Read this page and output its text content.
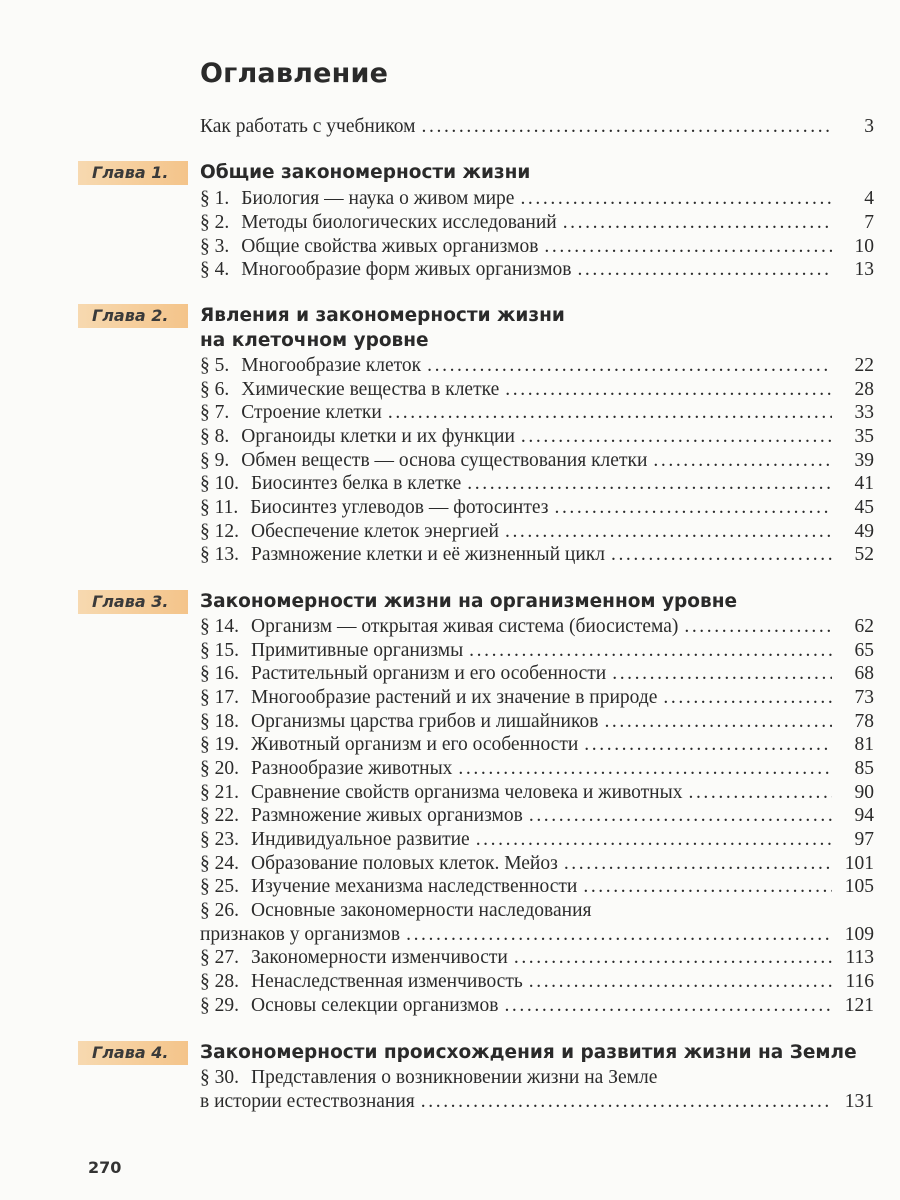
Оглавление
Как работать с учебником .....	3
Глава 1.	Общие закономерности жизни
§ 1. Биология — наука о живом мире .....	4
§ 2. Методы биологических исследований .....	7
§ 3. Общие свойства живых организмов .....	10
§ 4. Многообразие форм живых организмов .....	13
Глава 2.	Явления и закономерности жизни
на клеточном уровне
§ 5. Многообразие клеток .....	22
§ 6. Химические вещества в клетке .....	28
§ 7. Строение клетки .....	33
§ 8. Органоиды клетки и их функции .....	35
§ 9. Обмен веществ — основа существования клетки .....	39
§ 10. Биосинтез белка в клетке .....	41
§ 11. Биосинтез углеводов — фотосинтез .....	45
§ 12. Обеспечение клеток энергией .....	49
§ 13. Размножение клетки и её жизненный цикл .....	52
Глава 3.	Закономерности жизни на организменном уровне
§ 14. Организм — открытая живая система (биосистема) .....	62
§ 15. Примитивные организмы .....	65
§ 16. Растительный организм и его особенности .....	68
§ 17. Многообразие растений и их значение в природе .....	73
§ 18. Организмы царства грибов и лишайников .....	78
§ 19. Животный организм и его особенности .....	81
§ 20. Разнообразие животных .....	85
§ 21. Сравнение свойств организма человека и животных .....	90
§ 22. Размножение живых организмов .....	94
§ 23. Индивидуальное развитие .....	97
§ 24. Образование половых клеток. Мейоз .....	101
§ 25. Изучение механизма наследственности .....	105
§ 26. Основные закономерности наследования
признаков у организмов .....	109
§ 27. Закономерности изменчивости .....	113
§ 28. Ненаследственная изменчивость .....	116
§ 29. Основы селекции организмов .....	121
Глава 4.	Закономерности происхождения и развития жизни на Земле
§ 30. Представления о возникновении жизни на Земле
в истории естествознания .....	131
270
